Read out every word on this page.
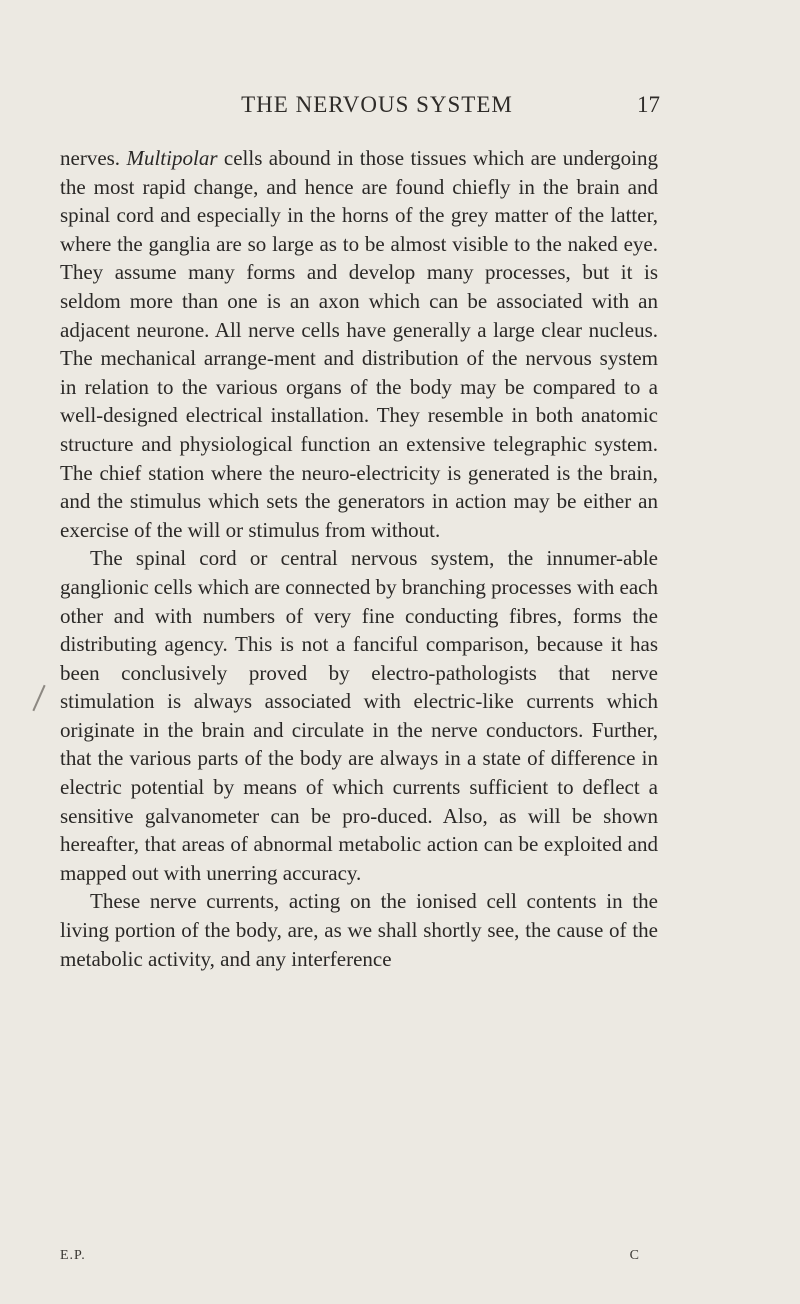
THE NERVOUS SYSTEM	17

nerves. Multipolar cells abound in those tissues which are undergoing the most rapid change, and hence are found chiefly in the brain and spinal cord and especially in the horns of the grey matter of the latter, where the ganglia are so large as to be almost visible to the naked eye. They assume many forms and develop many processes, but it is seldom more than one is an axon which can be associated with an adjacent neurone. All nerve cells have generally a large clear nucleus. The mechanical arrange-ment and distribution of the nervous system in relation to the various organs of the body may be compared to a well-designed electrical installation. They resemble in both anatomic structure and physiological function an extensive telegraphic system. The chief station where the neuro-electricity is generated is the brain, and the stimulus which sets the generators in action may be either an exercise of the will or stimulus from without.

The spinal cord or central nervous system, the innumer-able ganglionic cells which are connected by branching processes with each other and with numbers of very fine conducting fibres, forms the distributing agency. This is not a fanciful comparison, because it has been conclusively proved by electro-pathologists that nerve stimulation is always associated with electric-like currents which originate in the brain and circulate in the nerve conductors. Further, that the various parts of the body are always in a state of difference in electric potential by means of which currents sufficient to deflect a sensitive galvanometer can be pro-duced. Also, as will be shown hereafter, that areas of abnormal metabolic action can be exploited and mapped out with unerring accuracy.

These nerve currents, acting on the ionised cell contents in the living portion of the body, are, as we shall shortly see, the cause of the metabolic activity, and any interference

E.P.	C
